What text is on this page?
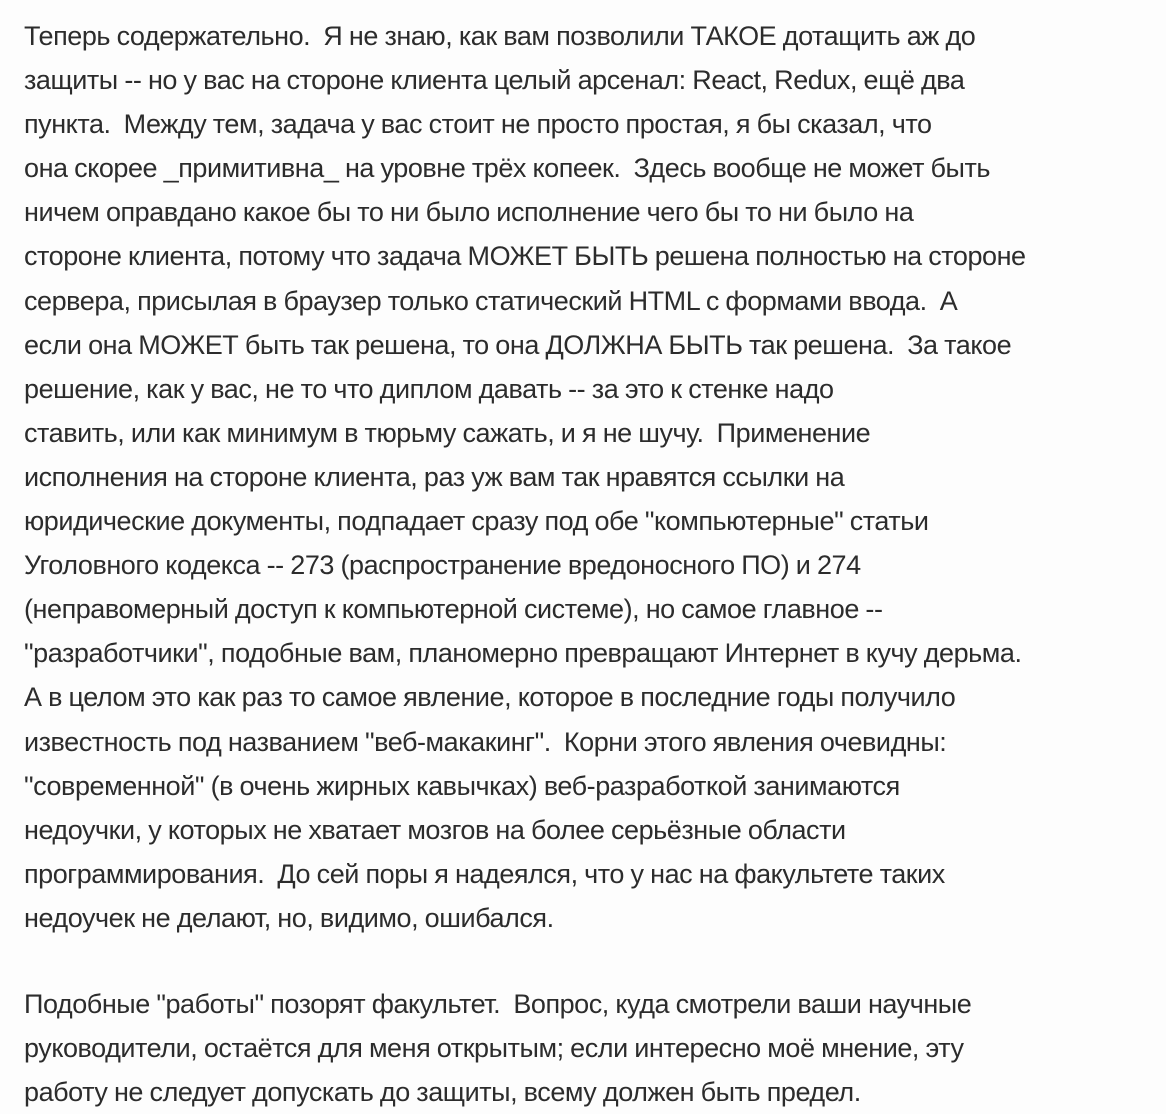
Теперь содержательно.  Я не знаю, как вам позволили ТАКОЕ дотащить аж до
защиты -- но у вас на стороне клиента целый арсенал: React, Redux, ещё два
пункта.  Между тем, задача у вас стоит не просто простая, я бы сказал, что
она скорее _примитивна_ на уровне трёх копеек.  Здесь вообще не может быть
ничем оправдано какое бы то ни было исполнение чего бы то ни было на
стороне клиента, потому что задача МОЖЕТ БЫТЬ решена полностью на стороне
сервера, присылая в браузер только статический HTML с формами ввода.  А
если она МОЖЕТ быть так решена, то она ДОЛЖНА БЫТЬ так решена.  За такое
решение, как у вас, не то что диплом давать -- за это к стенке надо
ставить, или как минимум в тюрьму сажать, и я не шучу.  Применение
исполнения на стороне клиента, раз уж вам так нравятся ссылки на
юридические документы, подпадает сразу под обе "компьютерные" статьи
Уголовного кодекса -- 273 (распространение вредоносного ПО) и 274
(неправомерный доступ к компьютерной системе), но самое главное --
"разработчики", подобные вам, планомерно превращают Интернет в кучу дерьма.
А в целом это как раз то самое явление, которое в последние годы получило
известность под названием "веб-макакинг".  Корни этого явления очевидны:
"современной" (в очень жирных кавычках) веб-разработкой занимаются
недоучки, у которых не хватает мозгов на более серьёзные области
программирования.  До сей поры я надеялся, что у нас на факультете таких
недоучек не делают, но, видимо, ошибался.
Подобные "работы" позорят факультет.  Вопрос, куда смотрели ваши научные
руководители, остаётся для меня открытым; если интересно моё мнение, эту
работу не следует допускать до защиты, всему должен быть предел.
